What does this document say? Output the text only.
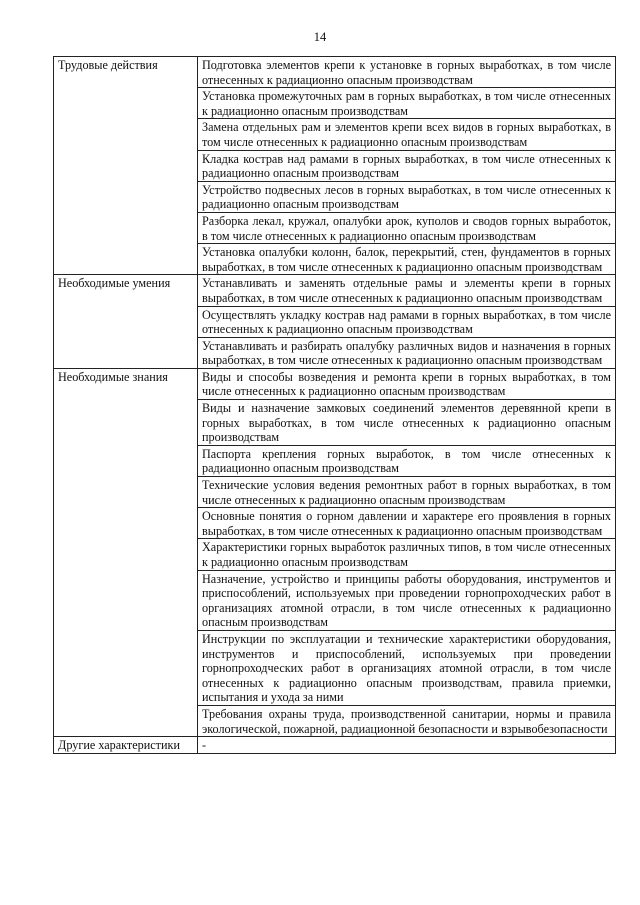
14
Трудовые действия	Подготовка элементов крепи к установке в горных выработках, в том числе отнесенных к радиационно опасным производствам
	Установка промежуточных рам в горных выработках, в том числе отнесенных к радиационно опасным производствам
	Замена отдельных рам и элементов крепи всех видов в горных выработках, в том числе отнесенных к радиационно опасным производствам
	Кладка кострав над рамами в горных выработках, в том числе отнесенных к радиационно опасным производствам
	Устройство подвесных лесов в горных выработках, в том числе отнесенных к радиационно опасным производствам
	Разборка лекал, кружал, опалубки арок, куполов и сводов горных выработок, в том числе отнесенных к радиационно опасным производствам
	Установка опалубки колонн, балок, перекрытий, стен, фундаментов в горных выработках, в том числе отнесенных к радиационно опасным производствам
Необходимые умения	Устанавливать и заменять отдельные рамы и элементы крепи в горных выработках, в том числе отнесенных к радиационно опасным производствам
	Осуществлять укладку кострав над рамами в горных выработках, в том числе отнесенных к радиационно опасным производствам
	Устанавливать и разбирать опалубку различных видов и назначения в горных выработках, в том числе отнесенных к радиационно опасным производствам
Необходимые знания	Виды и способы возведения и ремонта крепи в горных выработках, в том числе отнесенных к радиационно опасным производствам
	Виды и назначение замковых соединений элементов деревянной крепи в горных выработках, в том числе отнесенных к радиационно опасным производствам
	Паспорта крепления горных выработок, в том числе отнесенных к радиационно опасным производствам
	Технические условия ведения ремонтных работ в горных выработках, в том числе отнесенных к радиационно опасным производствам
	Основные понятия о горном давлении и характере его проявления в горных выработках, в том числе отнесенных к радиационно опасным производствам
	Характеристики горных выработок различных типов, в том числе отнесенных к радиационно опасным производствам
	Назначение, устройство и принципы работы оборудования, инструментов и приспособлений, используемых при проведении горнопроходческих работ в организациях атомной отрасли, в том числе отнесенных к радиационно опасным производствам
	Инструкции по эксплуатации и технические характеристики оборудования, инструментов и приспособлений, используемых при проведении горнопроходческих работ в организациях атомной отрасли, в том числе отнесенных к радиационно опасным производствам, правила приемки, испытания и ухода за ними
	Требования охраны труда, производственной санитарии, нормы и правила экологической, пожарной, радиационной безопасности и взрывобезопасности
Другие характеристики	-
